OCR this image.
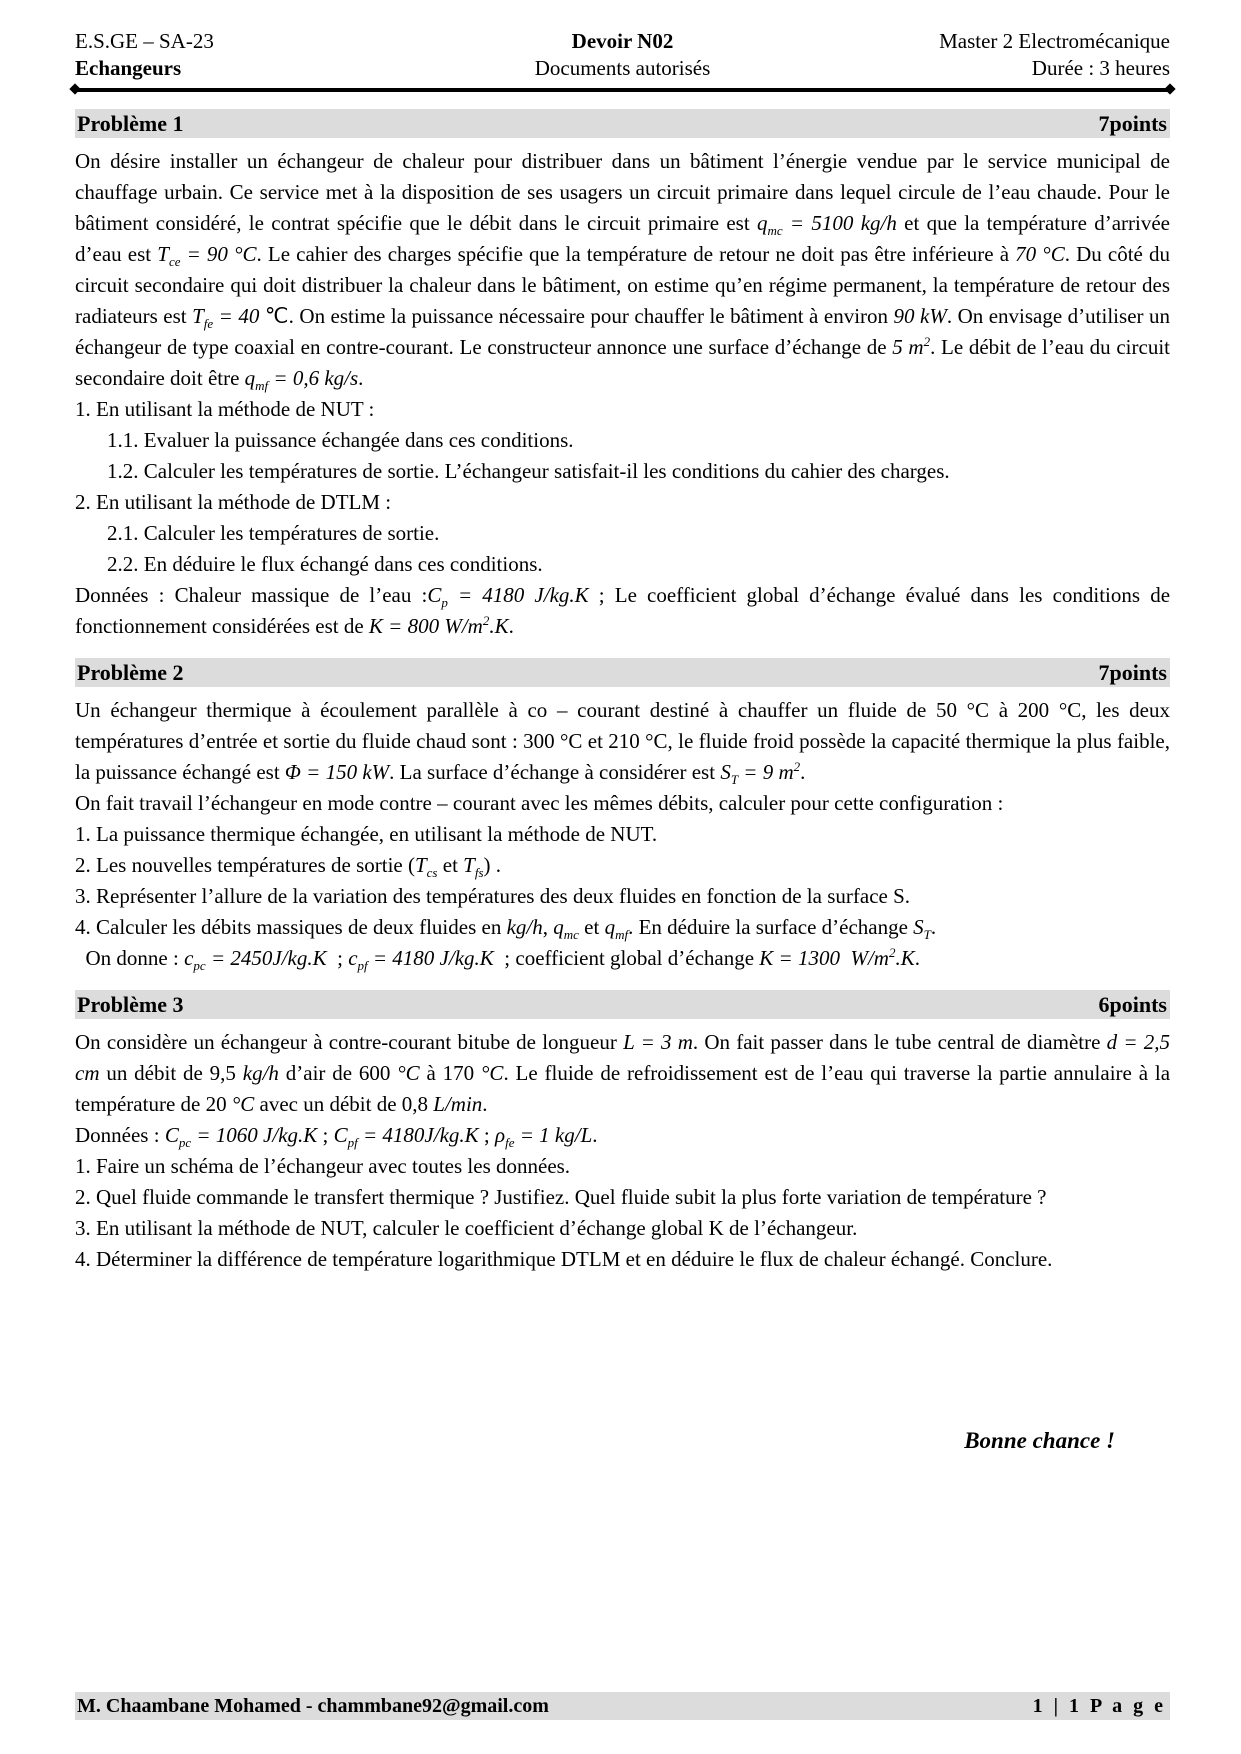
E.S.GE – SA-23	Devoir N02	Master 2 Electromécanique
Echangeurs	Documents autorisés	Durée : 3 heures
Problème 1	7points

On désire installer un échangeur de chaleur pour distribuer dans un bâtiment l’énergie vendue par le service municipal de chauffage urbain. Ce service met à la disposition de ses usagers un circuit primaire dans lequel circule de l’eau chaude. Pour le bâtiment considéré, le contrat spécifie que le débit dans le circuit primaire est $q_{mc} = 5100$ kg/h et que la température d’arrivée d’eau est $T_{ce} = 90$ °C. Le cahier des charges spécifie que la température de retour ne doit pas être inférieure à 70 °C. Du côté du circuit secondaire qui doit distribuer la chaleur dans le bâtiment, on estime qu’en régime permanent, la température de retour des radiateurs est $T_{fe} = 40$ ℃. On estime la puissance nécessaire pour chauffer le bâtiment à environ 90 kW. On envisage d’utiliser un échangeur de type coaxial en contre-courant. Le constructeur annonce une surface d’échange de 5 $m^2$. Le débit de l’eau du circuit secondaire doit être $q_{mf} = 0,6$ kg/s.

1. En utilisant la méthode de NUT :

1.1. Evaluer la puissance échangée dans ces conditions.

1.2. Calculer les températures de sortie. L’échangeur satisfait-il les conditions du cahier des charges.

2. En utilisant la méthode de DTLM :

2.1. Calculer les températures de sortie.

2.2. En déduire le flux échangé dans ces conditions.

Données : Chaleur massique de l’eau $:C_p = 4180$ J/kg.K ; Le coefficient global d’échange évalué dans les conditions de fonctionnement considérées est de K = 800 $W/m^2.K$.

Problème 2	7points

Un échangeur thermique à écoulement parallèle à co – courant destiné à chauffer un fluide de 50 °C à 200 °C, les deux températures d’entrée et sortie du fluide chaud sont : 300 °C et 210 °C, le fluide froid possède la capacité thermique la plus faible, la puissance échangé est Φ = 150 kW. La surface d’échange à considérer est $S_T = 9$ $m^2$.

On fait travail l’échangeur en mode contre – courant avec les mêmes débits, calculer pour cette configuration :

1. La puissance thermique échangée, en utilisant la méthode de NUT.

2. Les nouvelles températures de sortie ($T_{cs}$ et $T_{fs}$) .

3. Représenter l’allure de la variation des températures des deux fluides en fonction de la surface S.

4. Calculer les débits massiques de deux fluides en kg/h, $q_{mc}$ et $q_{mf}$. En déduire la surface d’échange $S_T$.

On donne : $c_{pc} = 2450J/kg.K$  ; $c_{pf} = 4180$ J/kg.K  ; coefficient global d’échange K = 1300  $W/m^2.K$.

Problème 3	6points

On considère un échangeur à contre-courant bitube de longueur L = 3 m. On fait passer dans le tube central de diamètre d = 2,5 cm un débit de 9,5 kg/h d’air de 600 °C à 170 °C. Le fluide de refroidissement est de l’eau qui traverse la partie annulaire à la température de 20 °C avec un débit de 0,8 L/min.

Données : $C_{pc} = 1060$ J/kg.K ; $C_{pf} = 4180J/kg.K$ ; $\rho_{fe} = 1$ kg/L.

1. Faire un schéma de l’échangeur avec toutes les données.

2. Quel fluide commande le transfert thermique ? Justifiez. Quel fluide subit la plus forte variation de température ?

3. En utilisant la méthode de NUT, calculer le coefficient d’échange global K de l’échangeur.

4. Déterminer la différence de température logarithmique DTLM et en déduire le flux de chaleur échangé. Conclure.

Bonne chance !
M. Chaambane Mohamed - chammbane92@gmail.com	1 | 1 P a g e
